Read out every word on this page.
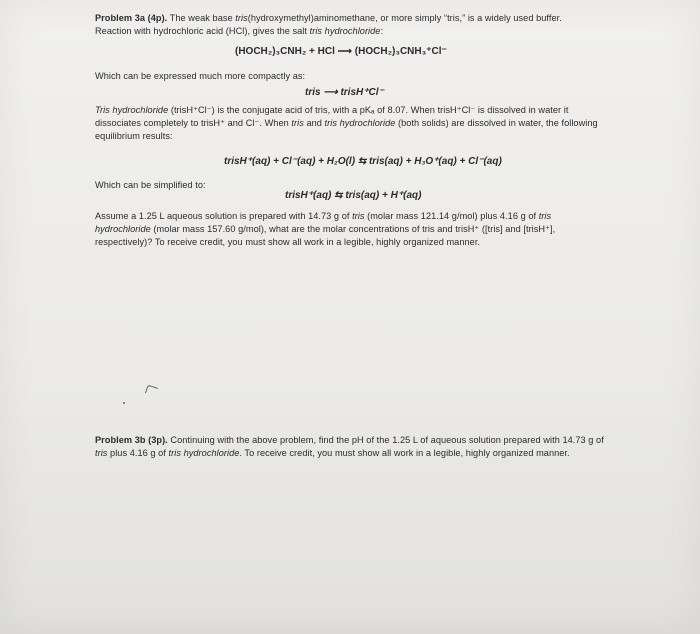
Problem 3a (4p). The weak base tris(hydroxymethyl)aminomethane, or more simply “tris,” is a widely used buffer.
Reaction with hydrochloric acid (HCl), gives the salt tris hydrochloride:
(HOCH₂)₃CNH₂ + HCl ⟶ (HOCH₂)₃CNH₃⁺Cl⁻
Which can be expressed much more compactly as:
tris ⟶ trisH⁺Cl⁻
Tris hydrochloride (trisH⁺Cl⁻) is the conjugate acid of tris, with a pKₐ of 8.07. When trisH⁺Cl⁻ is dissolved in water it dissociates completely to trisH⁺ and Cl⁻. When tris and tris hydrochloride (both solids) are dissolved in water, the following equilibrium results:
trisH⁺(aq) + Cl⁻(aq) + H₂O(l) ⇆ tris(aq) + H₃O⁺(aq) + Cl⁻(aq)
Which can be simplified to:
trisH⁺(aq) ⇆ tris(aq) + H⁺(aq)
Assume a 1.25 L aqueous solution is prepared with 14.73 g of tris (molar mass 121.14 g/mol) plus 4.16 g of tris hydrochloride (molar mass 157.60 g/mol), what are the molar concentrations of tris and trisH⁺ ([tris] and [trisH⁺], respectively)? To receive credit, you must show all work in a legible, highly organized manner.
Problem 3b (3p). Continuing with the above problem, find the pH of the 1.25 L of aqueous solution prepared with 14.73 g of tris plus 4.16 g of tris hydrochloride. To receive credit, you must show all work in a legible, highly organized manner.
